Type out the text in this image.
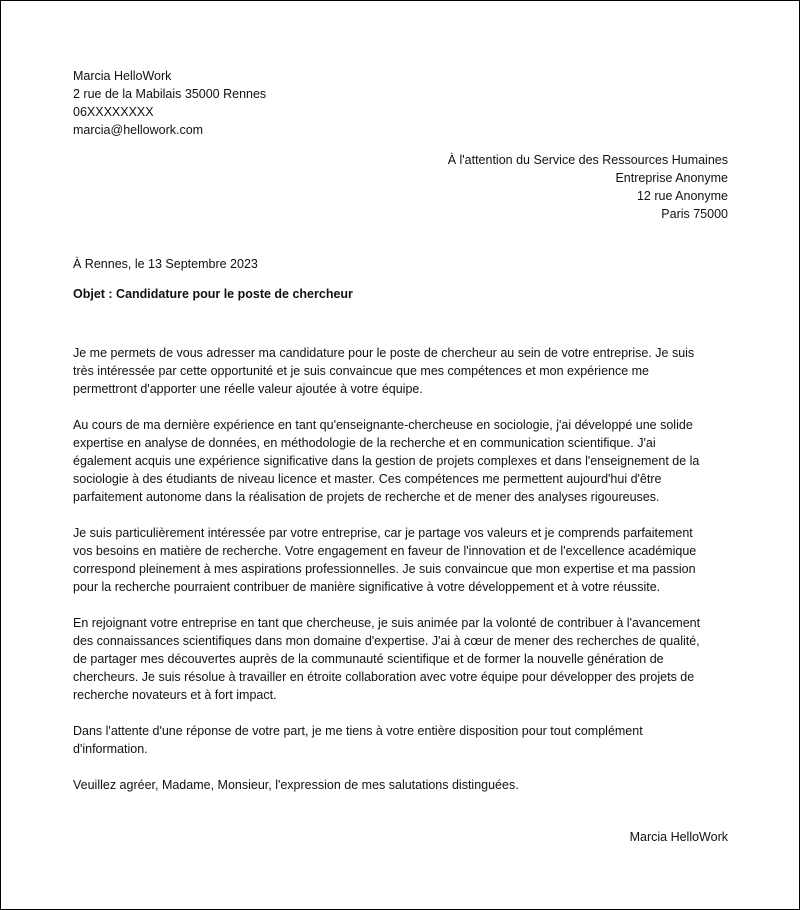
Marcia HelloWork
2 rue de la Mabilais 35000 Rennes
06XXXXXXXX
marcia@hellowork.com
À l'attention du Service des Ressources Humaines
Entreprise Anonyme
12 rue Anonyme
Paris 75000
À Rennes, le 13 Septembre 2023
Objet : Candidature pour le poste de chercheur
Je me permets de vous adresser ma candidature pour le poste de chercheur au sein de votre entreprise. Je suis
très intéressée par cette opportunité et je suis convaincue que mes compétences et mon expérience me
permettront d'apporter une réelle valeur ajoutée à votre équipe.
Au cours de ma dernière expérience en tant qu'enseignante-chercheuse en sociologie, j'ai développé une solide
expertise en analyse de données, en méthodologie de la recherche et en communication scientifique. J'ai
également acquis une expérience significative dans la gestion de projets complexes et dans l'enseignement de la
sociologie à des étudiants de niveau licence et master. Ces compétences me permettent aujourd'hui d'être
parfaitement autonome dans la réalisation de projets de recherche et de mener des analyses rigoureuses.
Je suis particulièrement intéressée par votre entreprise, car je partage vos valeurs et je comprends parfaitement
vos besoins en matière de recherche. Votre engagement en faveur de l'innovation et de l'excellence académique
correspond pleinement à mes aspirations professionnelles. Je suis convaincue que mon expertise et ma passion
pour la recherche pourraient contribuer de manière significative à votre développement et à votre réussite.
En rejoignant votre entreprise en tant que chercheuse, je suis animée par la volonté de contribuer à l'avancement
des connaissances scientifiques dans mon domaine d'expertise. J'ai à cœur de mener des recherches de qualité,
de partager mes découvertes auprès de la communauté scientifique et de former la nouvelle génération de
chercheurs. Je suis résolue à travailler en étroite collaboration avec votre équipe pour développer des projets de
recherche novateurs et à fort impact.
Dans l'attente d'une réponse de votre part, je me tiens à votre entière disposition pour tout complément
d'information.
Veuillez agréer, Madame, Monsieur, l'expression de mes salutations distinguées.
Marcia HelloWork
